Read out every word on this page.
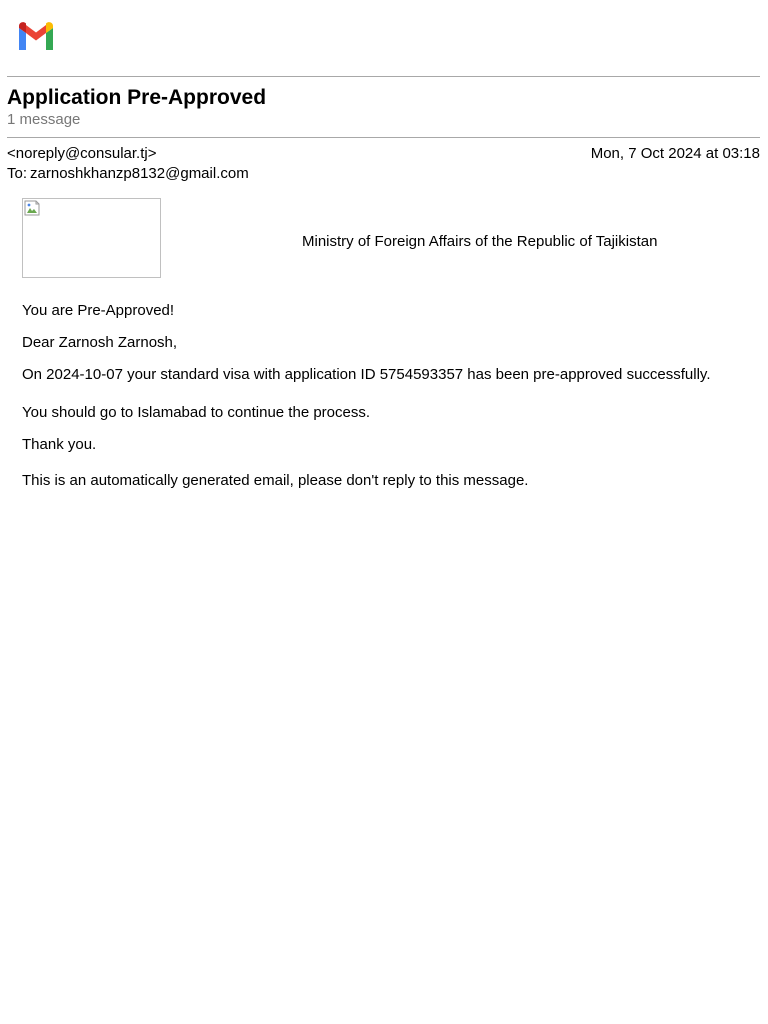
Application Pre-Approved
1 message
<noreply@consular.tj>	Mon, 7 Oct 2024 at 03:18
To: zarnoshkhanzp8132@gmail.com
Ministry of Foreign Affairs of the Republic of Tajikistan
You are Pre-Approved!
Dear Zarnosh Zarnosh,
On 2024-10-07 your standard visa with application ID 5754593357 has been pre-approved successfully.
You should go to Islamabad to continue the process.
Thank you.
This is an automatically generated email, please don't reply to this message.
